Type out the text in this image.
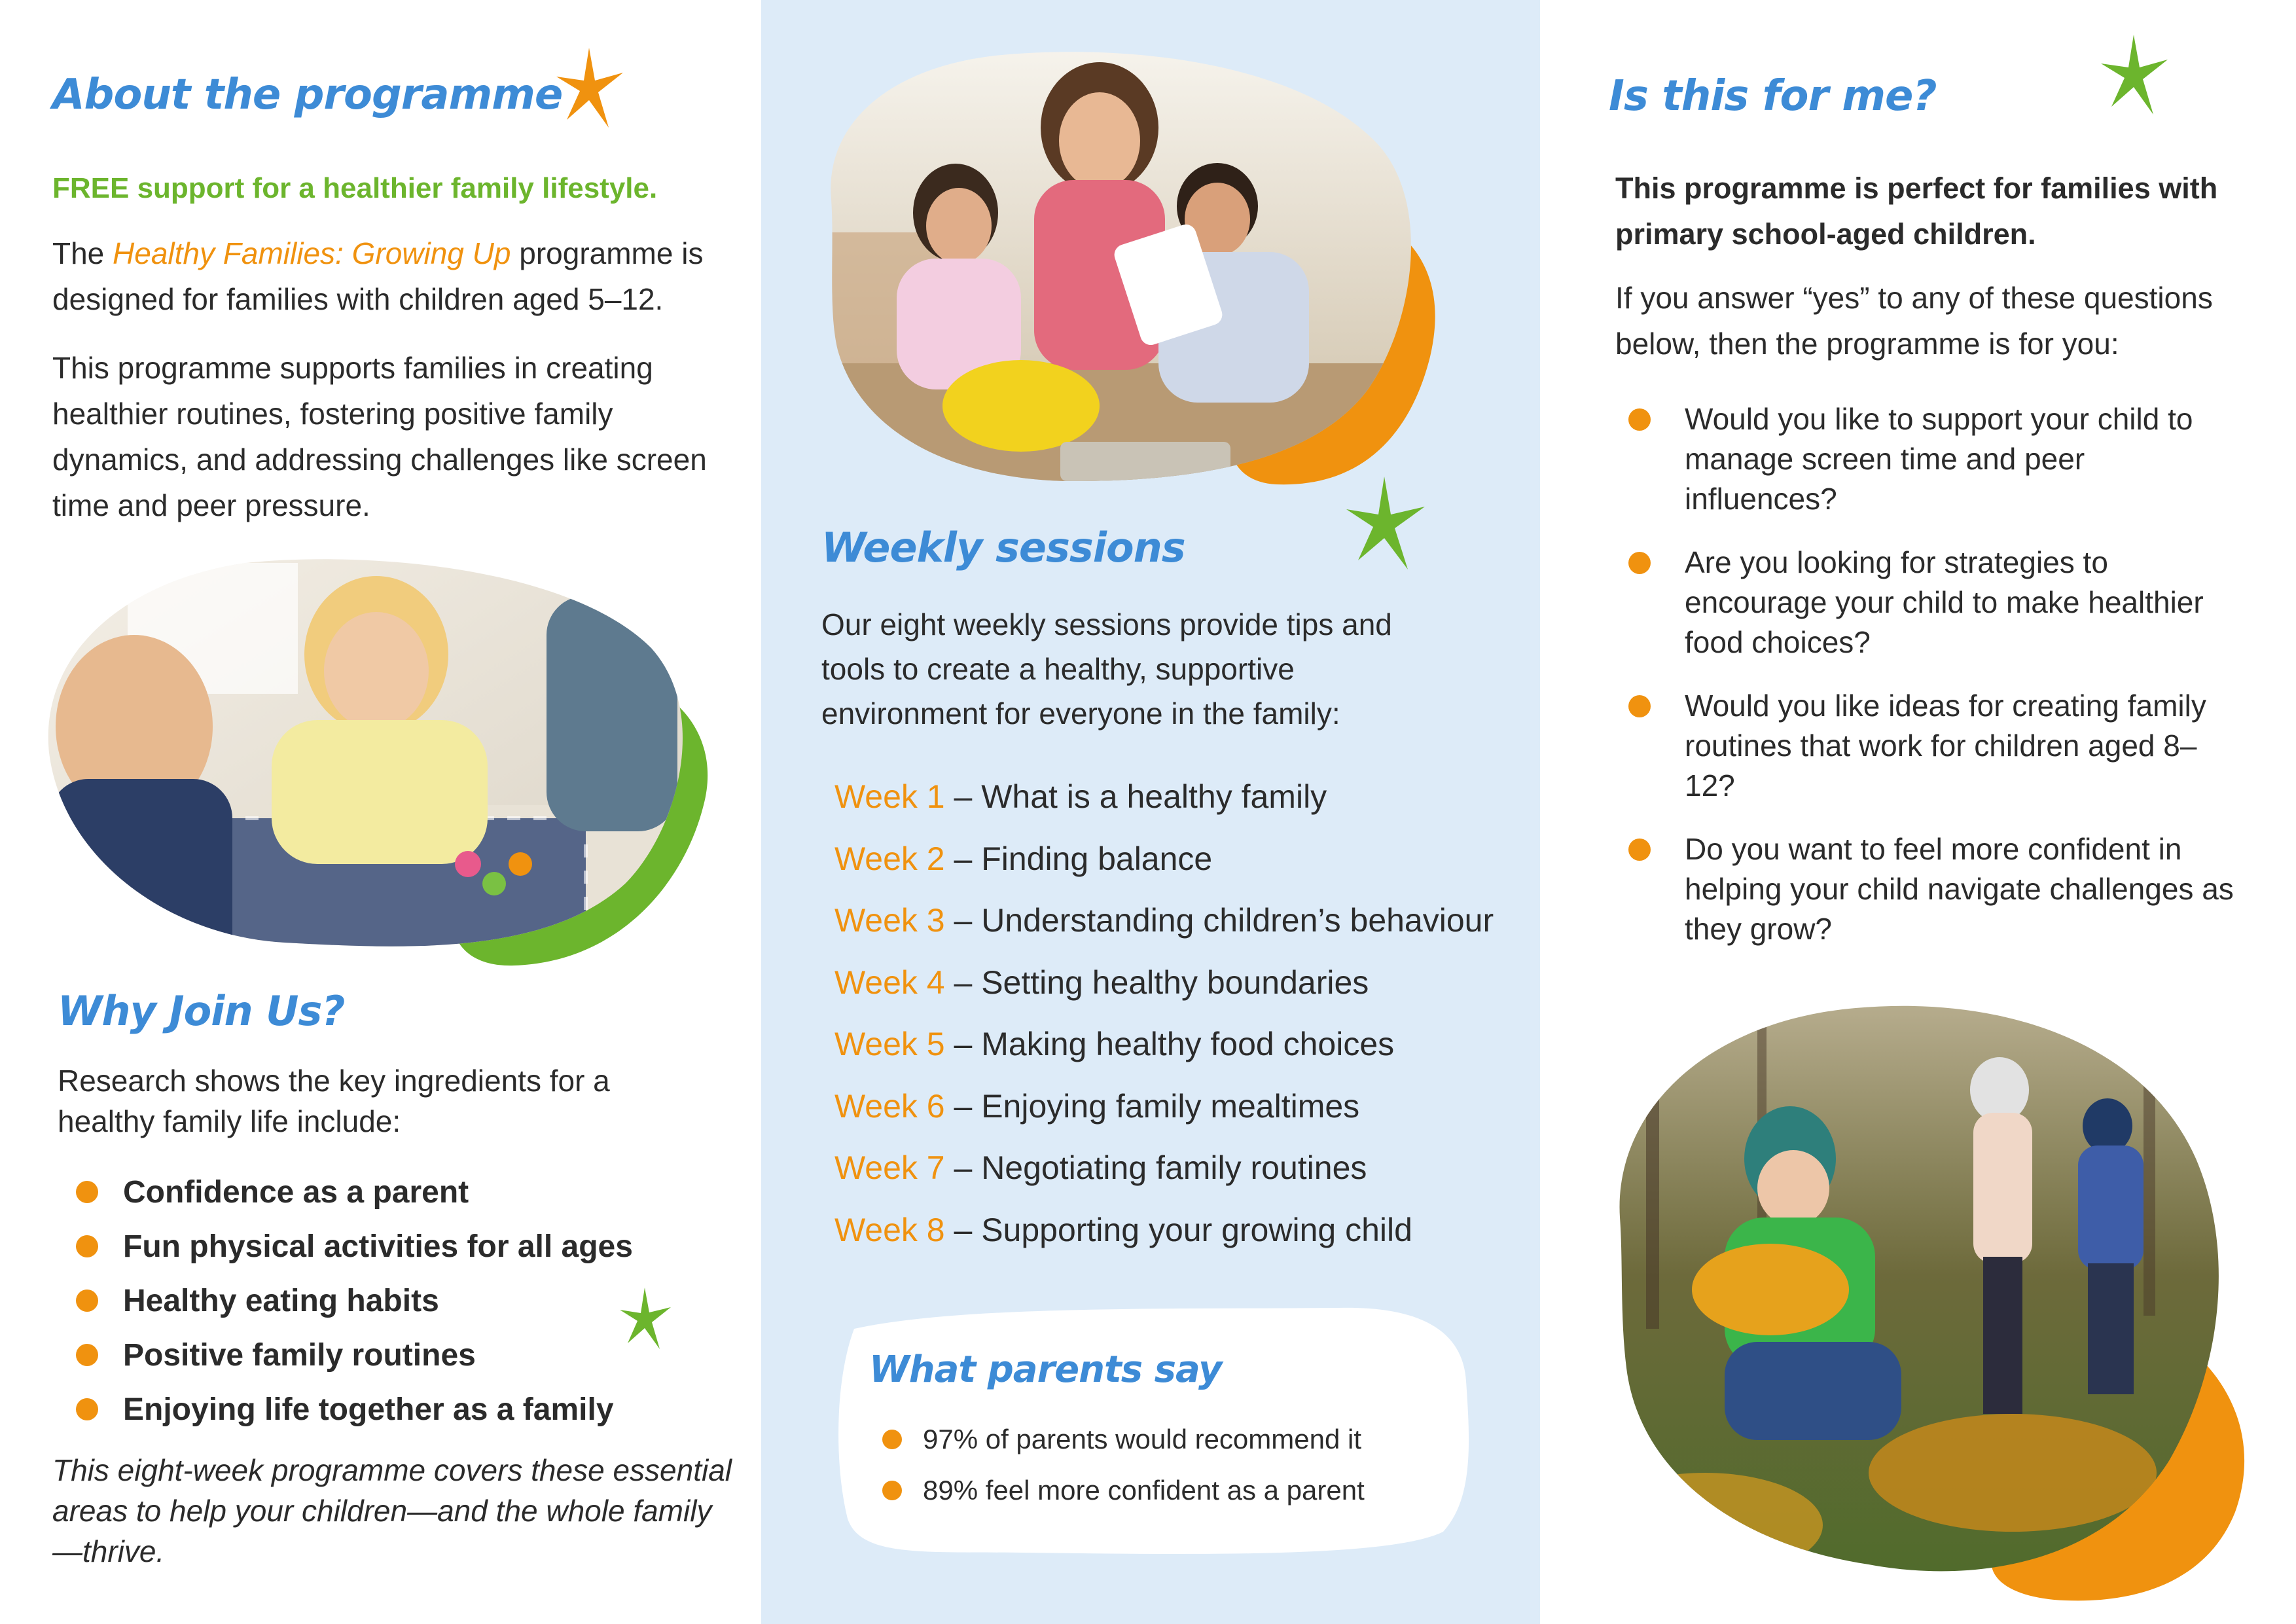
About the programme

FREE support for a healthier family lifestyle.

The Healthy Families: Growing Up programme is designed for families with children aged 5–12.

This programme supports families in creating healthier routines, fostering positive family dynamics, and addressing challenges like screen time and peer pressure.

Why Join Us?

Research shows the key ingredients for a healthy family life include:

Confidence as a parent
Fun physical activities for all ages
Healthy eating habits
Positive family routines
Enjoying life together as a family

This eight-week programme covers these essential areas to help your children—and the whole family—thrive.

Weekly sessions

Our eight weekly sessions provide tips and tools to create a healthy, supportive environment for everyone in the family:

Week 1 – What is a healthy family
Week 2 – Finding balance
Week 3 – Understanding children’s behaviour
Week 4 – Setting healthy boundaries
Week 5 – Making healthy food choices
Week 6 – Enjoying family mealtimes
Week 7 – Negotiating family routines
Week 8 – Supporting your growing child
What parents say
97% of parents would recommend it
89% feel more confident as a parent
Is this for me?

This programme is perfect for families with primary school-aged children.

If you answer “yes” to any of these questions below, then the programme is for you:

Would you like to support your child to manage screen time and peer influences?
Are you looking for strategies to encourage your child to make healthier food choices?
Would you like ideas for creating family routines that work for children aged 8–12?
Do you want to feel more confident in helping your child navigate challenges as they grow?
